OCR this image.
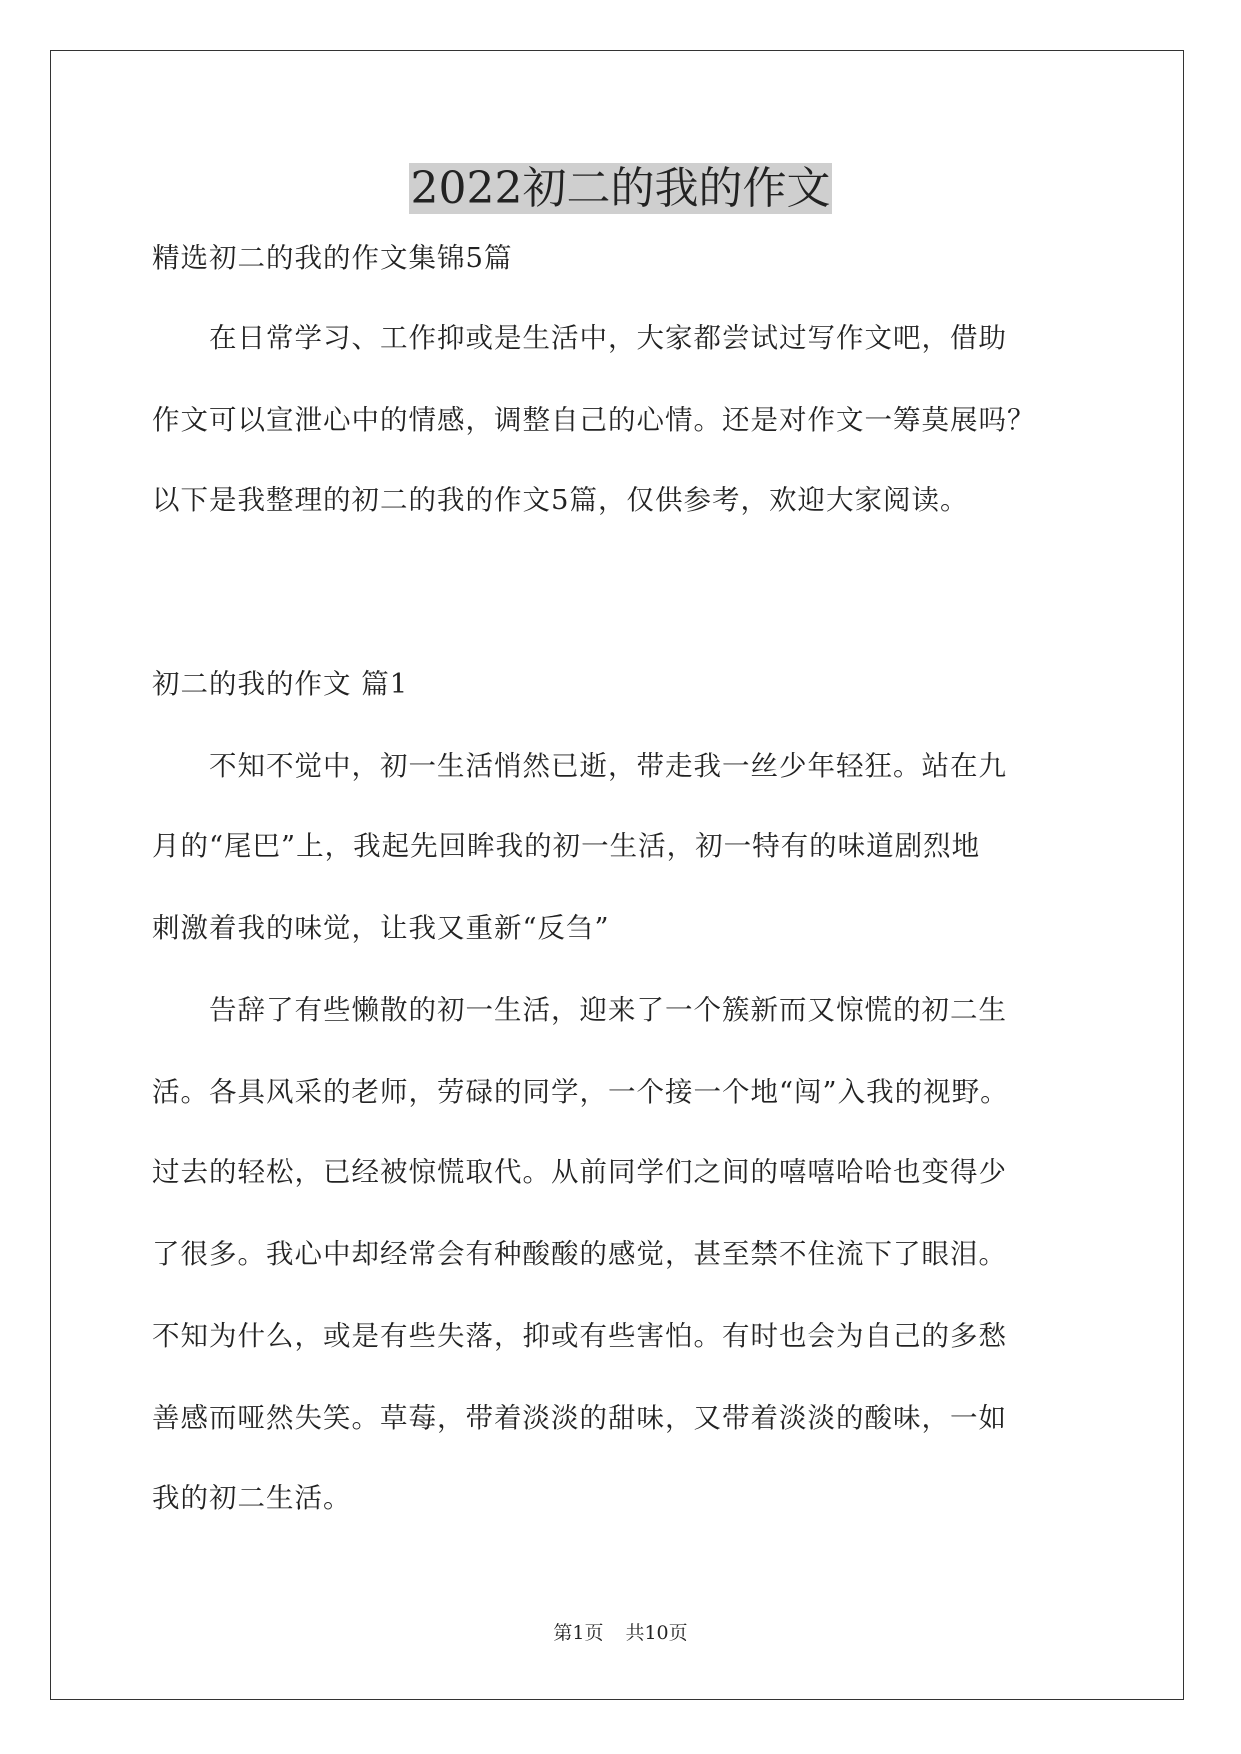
2022初二的我的作文
精选初二的我的作文集锦5篇
　　在日常学习、工作抑或是生活中，大家都尝试过写作文吧，借助
作文可以宣泄心中的情感，调整自己的心情。还是对作文一筹莫展吗？
以下是我整理的初二的我的作文5篇，仅供参考，欢迎大家阅读。
初二的我的作文 篇1
　　不知不觉中，初一生活悄然已逝，带走我一丝少年轻狂。站在九
月的“尾巴”上，我起先回眸我的初一生活，初一特有的味道剧烈地
刺激着我的味觉，让我又重新“反刍”
　　告辞了有些懒散的初一生活，迎来了一个簇新而又惊慌的初二生
活。各具风采的老师，劳碌的同学，一个接一个地“闯”入我的视野。
过去的轻松，已经被惊慌取代。从前同学们之间的嘻嘻哈哈也变得少
了很多。我心中却经常会有种酸酸的感觉，甚至禁不住流下了眼泪。
不知为什么，或是有些失落，抑或有些害怕。有时也会为自己的多愁
善感而哑然失笑。草莓，带着淡淡的甜味，又带着淡淡的酸味，一如
我的初二生活。
第1页 共10页
